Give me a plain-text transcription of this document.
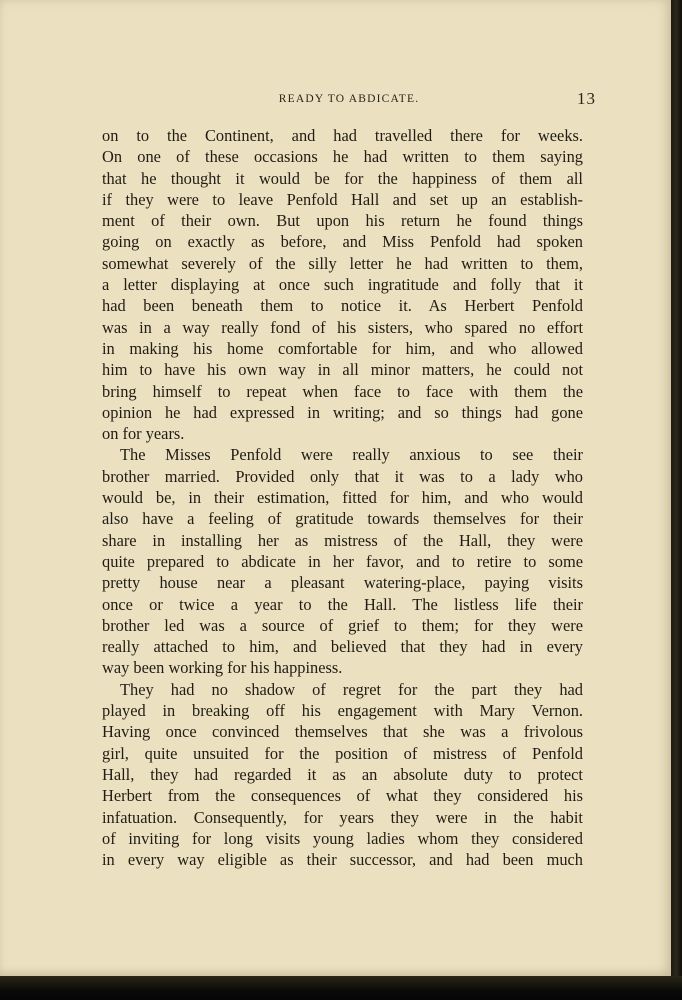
READY TO ABDICATE.	13
on to the Continent, and had travelled there for weeks.
On one of these occasions he had written to them saying
that he thought it would be for the happiness of them all
if they were to leave Penfold Hall and set up an establish-
ment of their own. But upon his return he found things
going on exactly as before, and Miss Penfold had spoken
somewhat severely of the silly letter he had written to them,
a letter displaying at once such ingratitude and folly that it
had been beneath them to notice it. As Herbert Penfold
was in a way really fond of his sisters, who spared no effort
in making his home comfortable for him, and who allowed
him to have his own way in all minor matters, he could not
bring himself to repeat when face to face with them the
opinion he had expressed in writing; and so things had gone
on for years.
The Misses Penfold were really anxious to see their
brother married. Provided only that it was to a lady who
would be, in their estimation, fitted for him, and who would
also have a feeling of gratitude towards themselves for their
share in installing her as mistress of the Hall, they were
quite prepared to abdicate in her favor, and to retire to some
pretty house near a pleasant watering-place, paying visits
once or twice a year to the Hall. The listless life their
brother led was a source of grief to them; for they were
really attached to him, and believed that they had in every
way been working for his happiness.
They had no shadow of regret for the part they had
played in breaking off his engagement with Mary Vernon.
Having once convinced themselves that she was a frivolous
girl, quite unsuited for the position of mistress of Penfold
Hall, they had regarded it as an absolute duty to protect
Herbert from the consequences of what they considered his
infatuation. Consequently, for years they were in the habit
of inviting for long visits young ladies whom they considered
in every way eligible as their successor, and had been much
